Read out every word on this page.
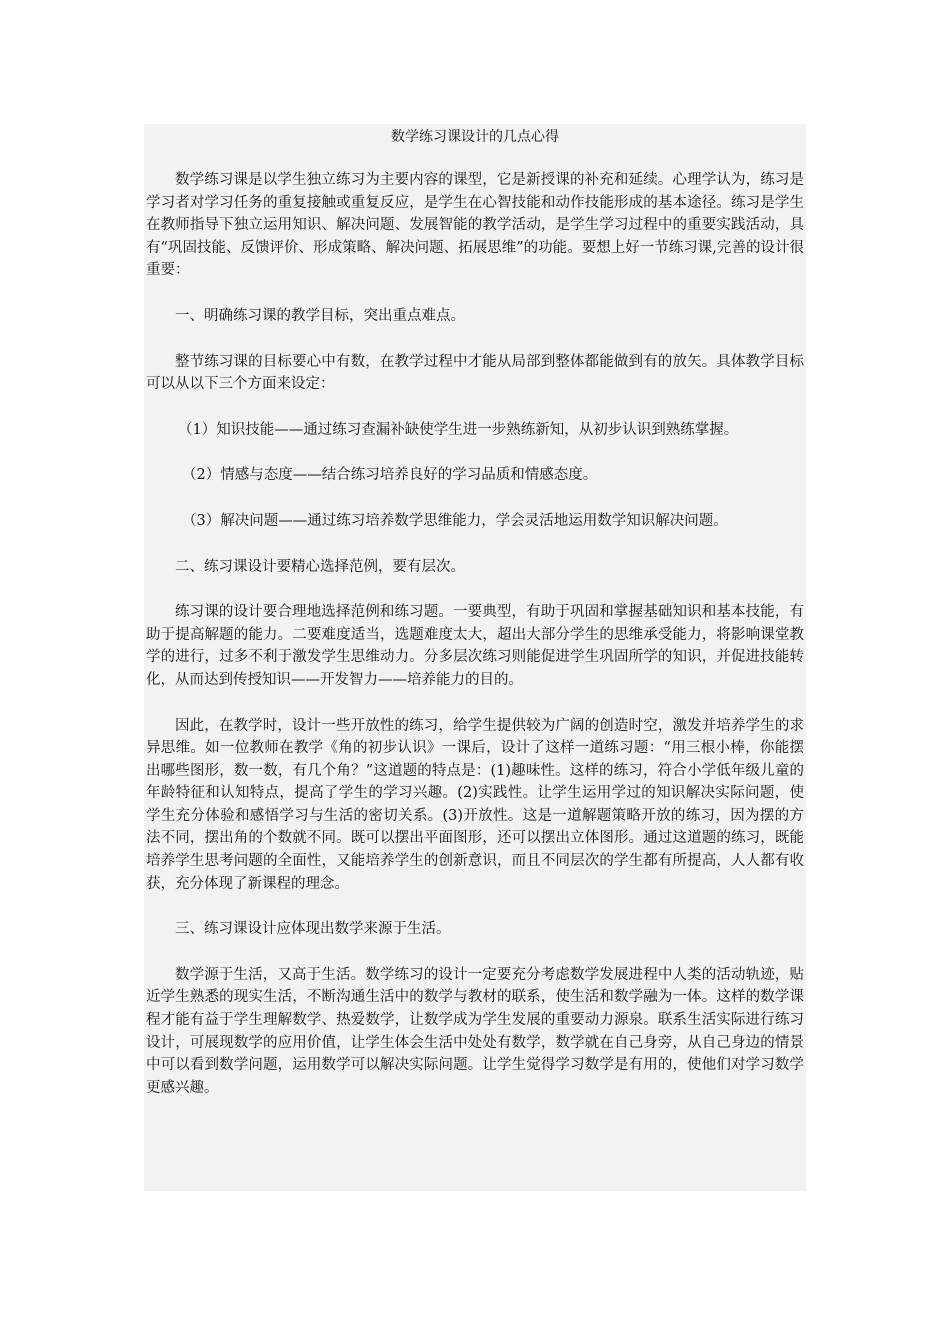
数学练习课设计的几点心得

数学练习课是以学生独立练习为主要内容的课型，它是新授课的补充和延续。心理学认为，练习是学习者对学习任务的重复接触或重复反应，是学生在心智技能和动作技能形成的基本途径。练习是学生在教师指导下独立运用知识、解决问题、发展智能的教学活动，是学生学习过程中的重要实践活动，具有“巩固技能、反馈评价、形成策略、解决问题、拓展思维”的功能。要想上好一节练习课,完善的设计很重要：

一、明确练习课的教学目标，突出重点难点。

整节练习课的目标要心中有数，在教学过程中才能从局部到整体都能做到有的放矢。具体教学目标可以从以下三个方面来设定：

（1）知识技能——通过练习查漏补缺使学生进一步熟练新知，从初步认识到熟练掌握。

（2）情感与态度——结合练习培养良好的学习品质和情感态度。

（3）解决问题——通过练习培养数学思维能力，学会灵活地运用数学知识解决问题。

二、练习课设计要精心选择范例，要有层次。

练习课的设计要合理地选择范例和练习题。一要典型，有助于巩固和掌握基础知识和基本技能，有助于提高解题的能力。二要难度适当，选题难度太大，超出大部分学生的思维承受能力，将影响课堂教学的进行，过多不利于激发学生思维动力。分多层次练习则能促进学生巩固所学的知识，并促进技能转化，从而达到传授知识——开发智力——培养能力的目的。

因此，在教学时，设计一些开放性的练习，给学生提供较为广阔的创造时空，激发并培养学生的求异思维。如一位教师在教学《角的初步认识》一课后，设计了这样一道练习题：“用三根小棒，你能摆出哪些图形，数一数，有几个角？”这道题的特点是：(1)趣味性。这样的练习，符合小学低年级儿童的年龄特征和认知特点，提高了学生的学习兴趣。(2)实践性。让学生运用学过的知识解决实际问题，使学生充分体验和感悟学习与生活的密切关系。(3)开放性。这是一道解题策略开放的练习，因为摆的方法不同，摆出角的个数就不同。既可以摆出平面图形，还可以摆出立体图形。通过这道题的练习，既能培养学生思考问题的全面性，又能培养学生的创新意识，而且不同层次的学生都有所提高，人人都有收获，充分体现了新课程的理念。

三、练习课设计应体现出数学来源于生活。

数学源于生活，又高于生活。数学练习的设计一定要充分考虑数学发展进程中人类的活动轨迹，贴近学生熟悉的现实生活，不断沟通生活中的数学与教材的联系，使生活和数学融为一体。这样的数学课程才能有益于学生理解数学、热爱数学，让数学成为学生发展的重要动力源泉。联系生活实际进行练习设计，可展现数学的应用价值，让学生体会生活中处处有数学，数学就在自己身旁，从自己身边的情景中可以看到数学问题，运用数学可以解决实际问题。让学生觉得学习数学是有用的，使他们对学习数学更感兴趣。
